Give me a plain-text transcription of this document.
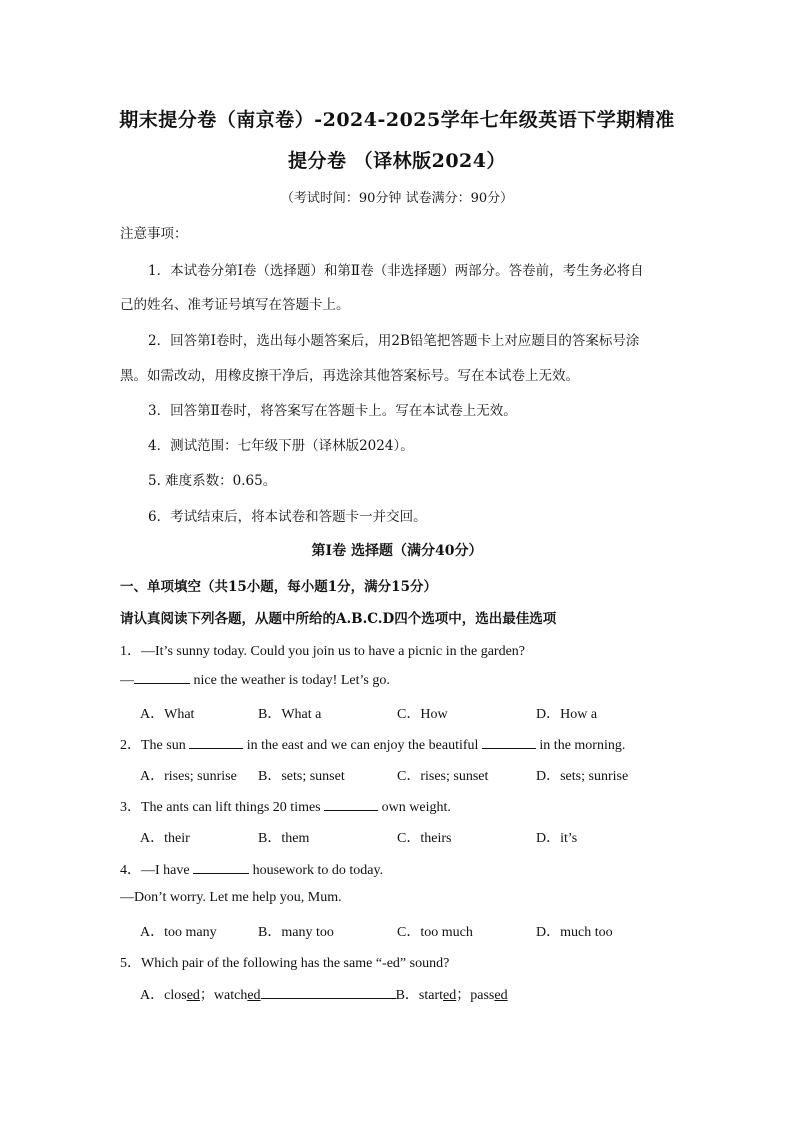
期末提分卷（南京卷）-2024-2025学年七年级英语下学期精准
提分卷 （译林版2024）
（考试时间：90分钟 试卷满分：90分）
注意事项：
1．本试卷分第Ⅰ卷（选择题）和第Ⅱ卷（非选择题）两部分。答卷前，考生务必将自
己的姓名、准考证号填写在答题卡上。
2．回答第Ⅰ卷时，选出每小题答案后，用2B铅笔把答题卡上对应题目的答案标号涂
黑。如需改动，用橡皮擦干净后，再选涂其他答案标号。写在本试卷上无效。
3．回答第Ⅱ卷时，将答案写在答题卡上。写在本试卷上无效。
4．测试范围：七年级下册（译林版2024）。
5. 难度系数：0.65。
6．考试结束后，将本试卷和答题卡一并交回。
第Ⅰ卷 选择题（满分40分）
一、单项填空（共15小题，每小题1分，满分15分）
请认真阅读下列各题，从题中所给的A.B.C.D四个选项中，选出最佳选项
1．—It’s sunny today. Could you join us to have a picnic in the garden?
—	nice the weather is today! Let’s go.
A．What	B．What a	C．How	D．How a
2．The sun	in the east and we can enjoy the beautiful	in the morning.
A．rises; sunrise B．sets; sunset	C．rises; sunset	D．sets; sunrise
3．The ants can lift things 20 times	own weight.
A．their	B．them	C．theirs	D．it’s
4．—I have	housework to do today.
—Don’t worry. Let me help you, Mum.
A．too many	B．many too	C．too much	D．much too
5．Which pair of the following has the same “-ed” sound?
A．closed；watched	B．started；passed
